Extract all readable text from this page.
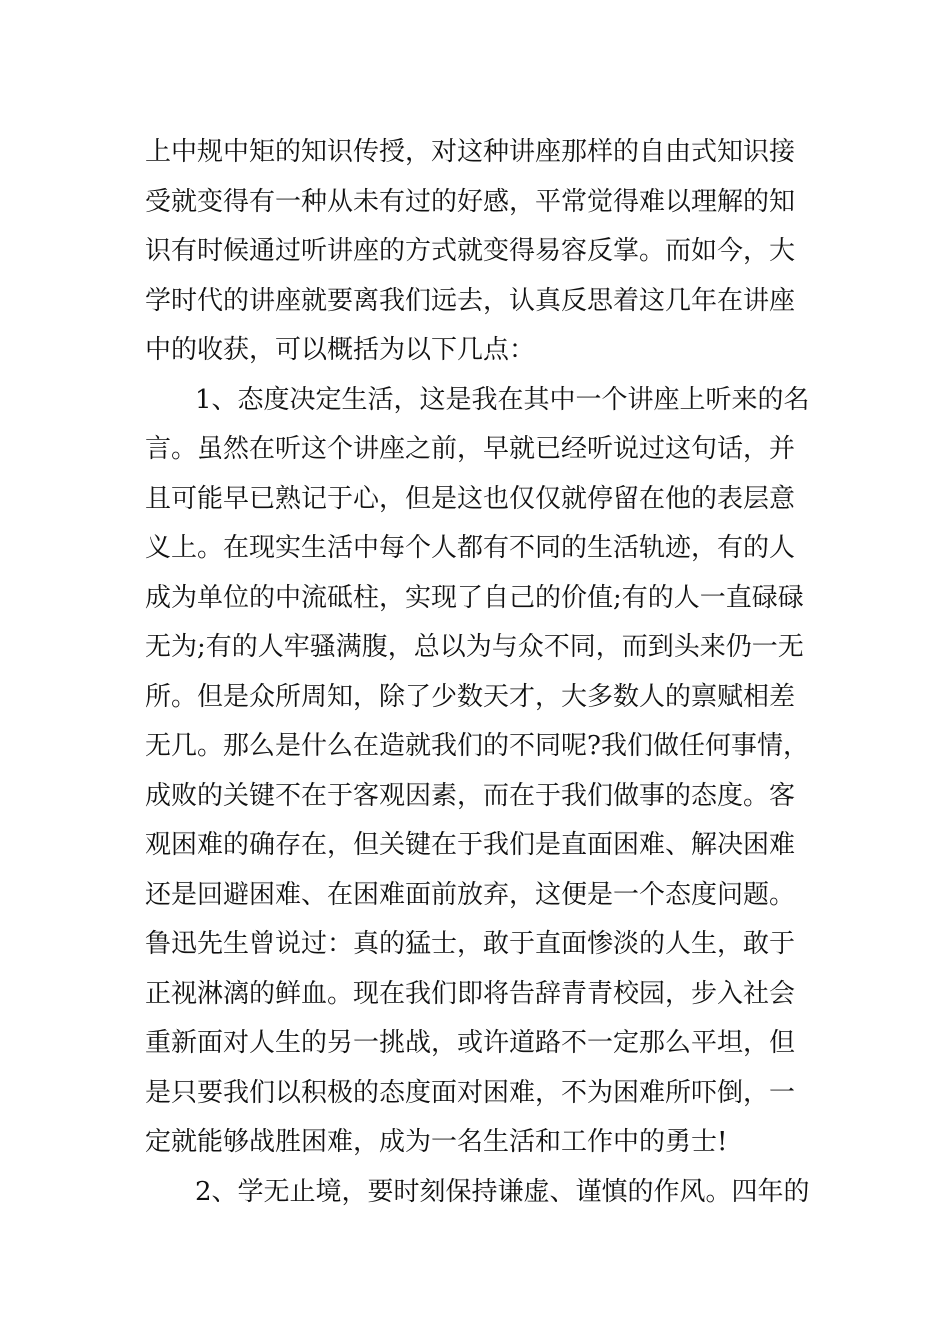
上中规中矩的知识传授，对这种讲座那样的自由式知识接
受就变得有一种从未有过的好感，平常觉得难以理解的知
识有时候通过听讲座的方式就变得易容反掌。而如今，大
学时代的讲座就要离我们远去，认真反思着这几年在讲座
中的收获，可以概括为以下几点：
1、态度决定生活，这是我在其中一个讲座上听来的名
言。虽然在听这个讲座之前，早就已经听说过这句话，并
且可能早已熟记于心，但是这也仅仅就停留在他的表层意
义上。在现实生活中每个人都有不同的生活轨迹，有的人
成为单位的中流砥柱，实现了自己的价值;有的人一直碌碌
无为;有的人牢骚满腹，总以为与众不同，而到头来仍一无
所。但是众所周知，除了少数天才，大多数人的禀赋相差
无几。那么是什么在造就我们的不同呢?我们做任何事情，
成败的关键不在于客观因素，而在于我们做事的态度。客
观困难的确存在，但关键在于我们是直面困难、解决困难
还是回避困难、在困难面前放弃，这便是一个态度问题。
鲁迅先生曾说过：真的猛士，敢于直面惨淡的人生，敢于
正视淋漓的鲜血。现在我们即将告辞青青校园，步入社会
重新面对人生的另一挑战，或许道路不一定那么平坦，但
是只要我们以积极的态度面对困难，不为困难所吓倒，一
定就能够战胜困难，成为一名生活和工作中的勇士!
2、学无止境，要时刻保持谦虚、谨慎的作风。四年的
